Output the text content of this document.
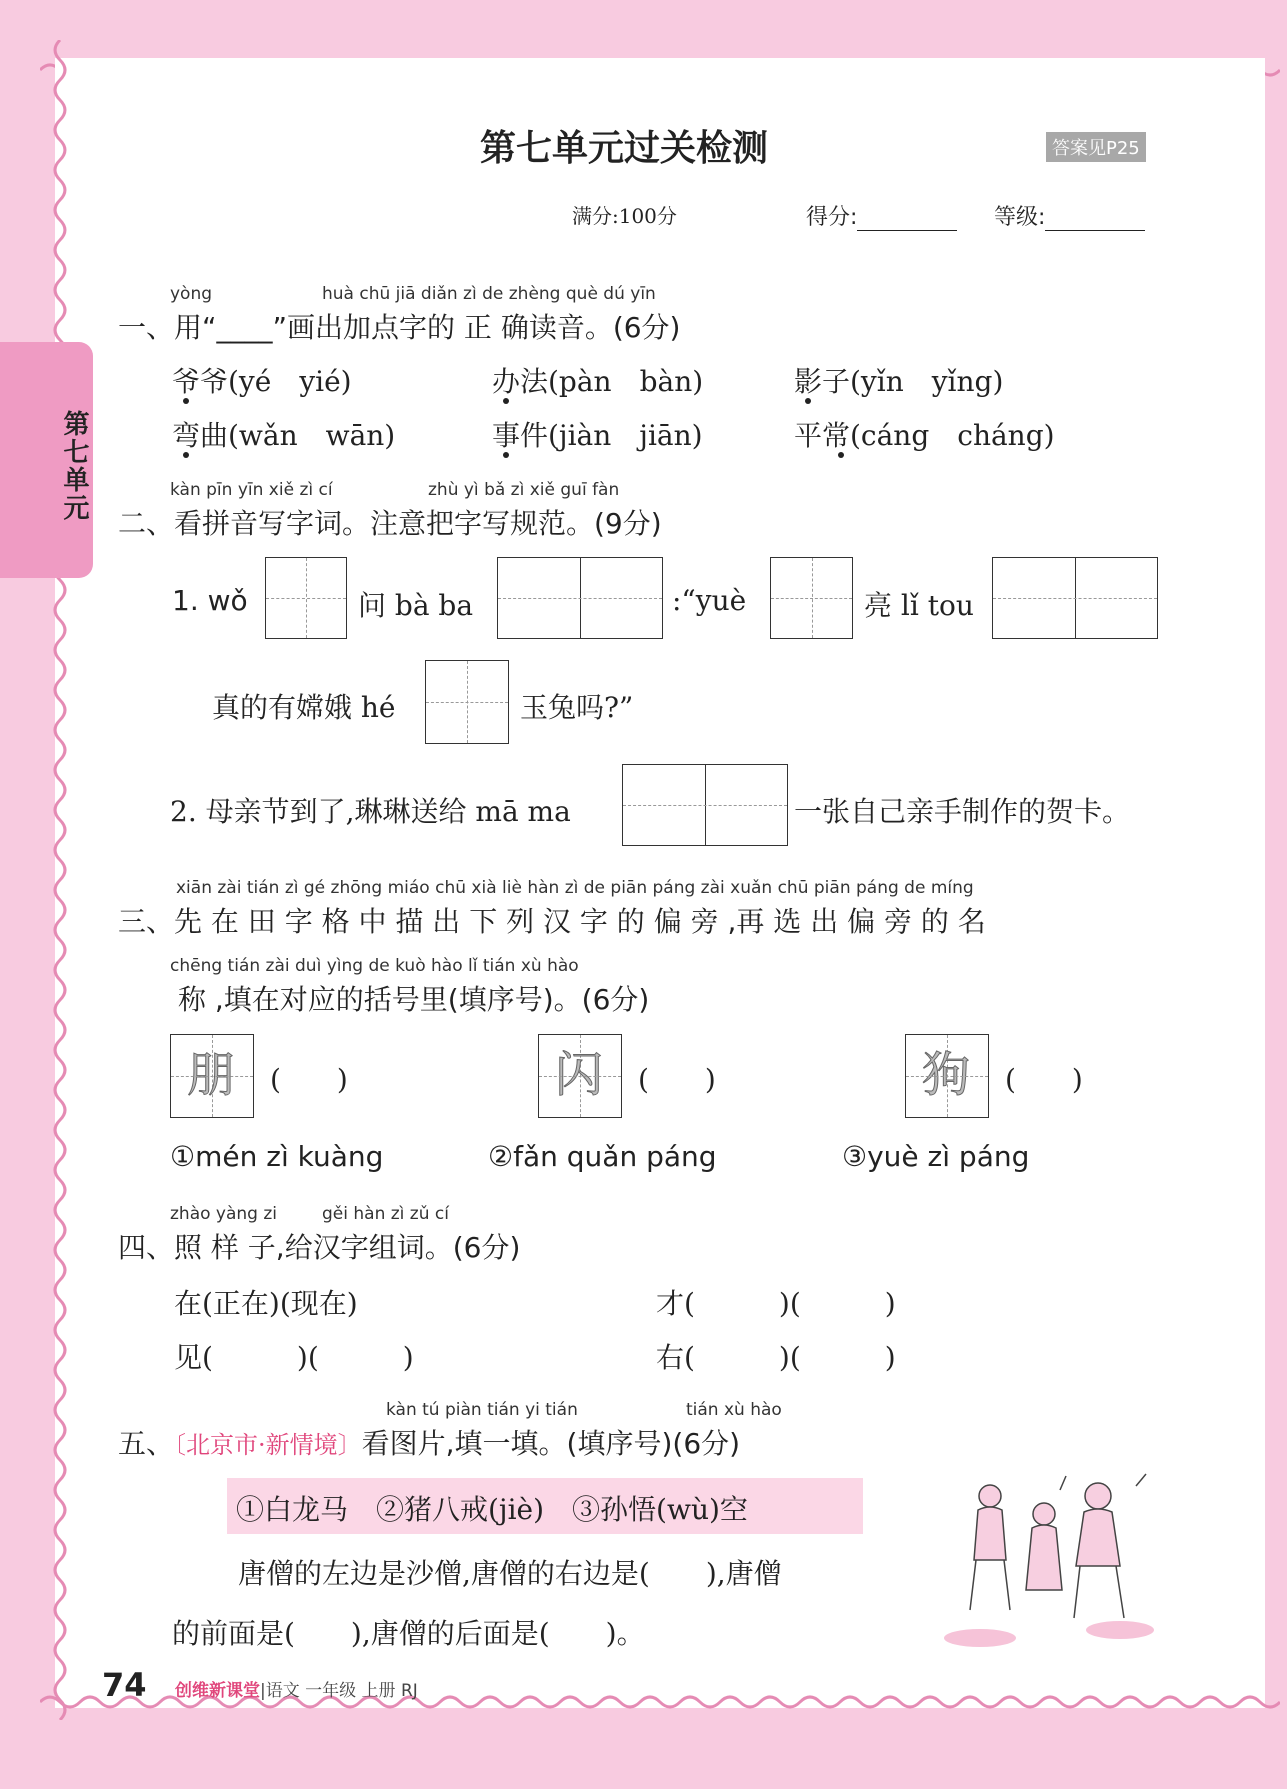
第七单元
第七单元过关检测	答案见P25
满分:100分	得分:	等级:
yòng	huà chū jiā diǎn zì de zhèng què dú yīn
一、用“____”画出加点字的 正 确读音。(6分)
爷爷(yé　yié)	办法(pàn　bàn)	影子(yǐn　yǐng)
弯曲(wǎn　wān)	事件(jiàn　jiān)	平常(cáng　cháng)
kàn pīn yīn xiě zì cí	zhù yì bǎ zì xiě guī fàn
二、看拼音写字词。注意把字写规范。(9分)
1. wǒ	问 bà ba	:“yuè	亮 lǐ tou
真的有嫦娥 hé	玉兔吗?”
2. 母亲节到了,琳琳送给 mā ma	一张自己亲手制作的贺卡。
xiān zài tián zì gé zhōng miáo chū xià liè hàn zì de piān páng zài xuǎn chū piān páng de míng
三、先 在 田 字 格 中 描 出 下 列 汉 字 的 偏 旁 ,再 选 出 偏 旁 的 名
chēng tián zài duì yìng de kuò hào lǐ tián xù hào
称 ,填在对应的括号里(填序号)。(6分)
朋	(　　)	闪	(　　)	狗	(　　)
①mén zì kuàng	②fǎn quǎn páng	③yuè zì páng
zhào yàng zi	gěi hàn zì zǔ cí
四、照 样 子,给汉字组词。(6分)
在(正在)(现在)	才(　　　)(　　　)
见(　　　)(　　　)	右(　　　)(　　　)
kàn tú piàn tián yi tián	tián xù hào
五、〔北京市·新情境〕看图片,填一填。(填序号)(6分)
①白龙马　②猪八戒(jiè)　③孙悟(wù)空
唐僧的左边是沙僧,唐僧的右边是(　　),唐僧
的前面是(　　),唐僧的后面是(　　)。
74 创维新课堂|语文 一年级 上册 RJ
